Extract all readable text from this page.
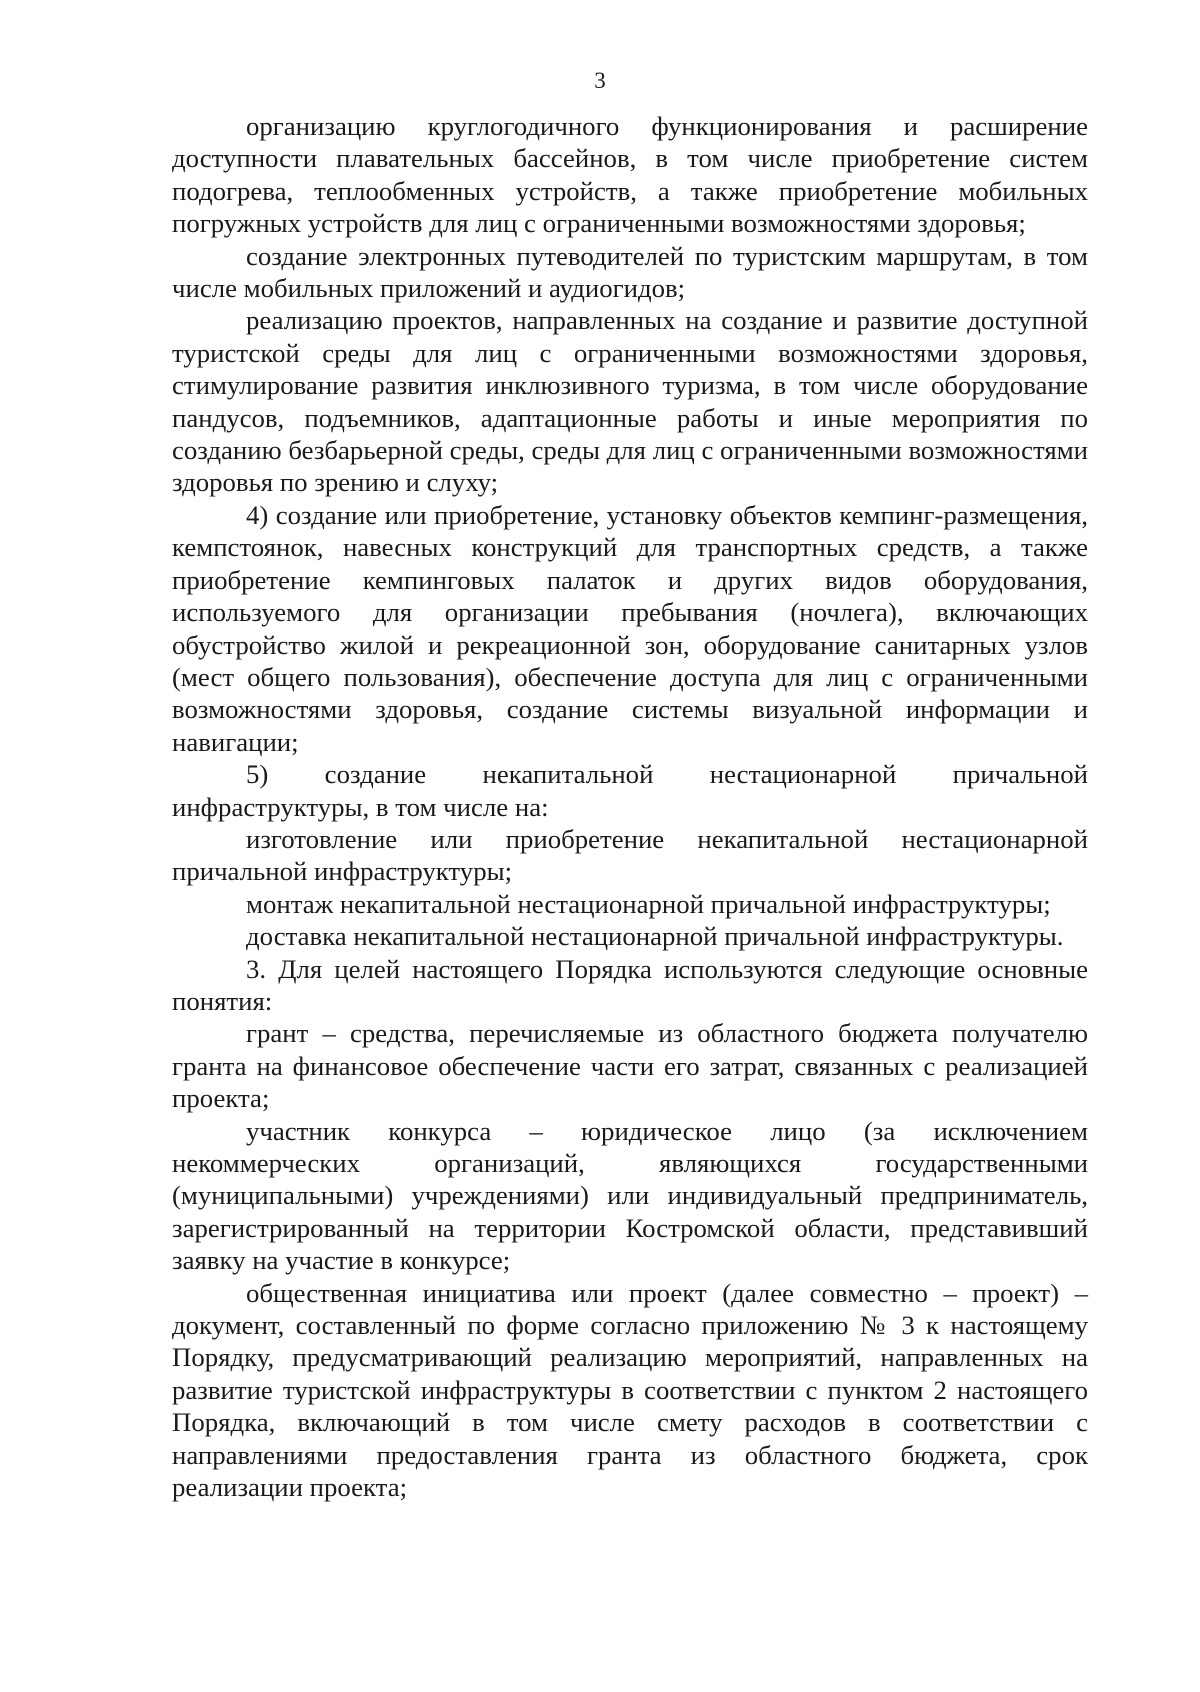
3

организацию круглогодичного функционирования и расширение доступности плавательных бассейнов, в том числе приобретение систем подогрева, теплообменных устройств, а также приобретение мобильных погружных устройств для лиц с ограниченными возможностями здоровья;

создание электронных путеводителей по туристским маршрутам, в том числе мобильных приложений и аудиогидов;

реализацию проектов, направленных на создание и развитие доступной туристской среды для лиц с ограниченными возможностями здоровья, стимулирование развития инклюзивного туризма, в том числе оборудование пандусов, подъемников, адаптационные работы и иные мероприятия по созданию безбарьерной среды, среды для лиц с ограниченными возможностями здоровья по зрению и слуху;

4) создание или приобретение, установку объектов кемпинг-размещения, кемпстоянок, навесных конструкций для транспортных средств, а также приобретение кемпинговых палаток и других видов оборудования, используемого для организации пребывания (ночлега), включающих обустройство жилой и рекреационной зон, оборудование санитарных узлов (мест общего пользования), обеспечение доступа для лиц с ограниченными возможностями здоровья, создание системы визуальной информации и навигации;

5) создание некапитальной нестационарной причальной инфраструктуры, в том числе на:

изготовление или приобретение некапитальной нестационарной причальной инфраструктуры;

монтаж некапитальной нестационарной причальной инфраструктуры;

доставка некапитальной нестационарной причальной инфраструктуры.

3. Для целей настоящего Порядка используются следующие основные понятия:

грант – средства, перечисляемые из областного бюджета получателю гранта на финансовое обеспечение части его затрат, связанных с реализацией проекта;

участник конкурса – юридическое лицо (за исключением некоммерческих организаций, являющихся государственными (муниципальными) учреждениями) или индивидуальный предприниматель, зарегистрированный на территории Костромской области, представивший заявку на участие в конкурсе;

общественная инициатива или проект (далее совместно – проект) – документ, составленный по форме согласно приложению № 3 к настоящему Порядку, предусматривающий реализацию мероприятий, направленных на развитие туристской инфраструктуры в соответствии с пунктом 2 настоящего Порядка, включающий в том числе смету расходов в соответствии с направлениями предоставления гранта из областного бюджета, срок реализации проекта;
